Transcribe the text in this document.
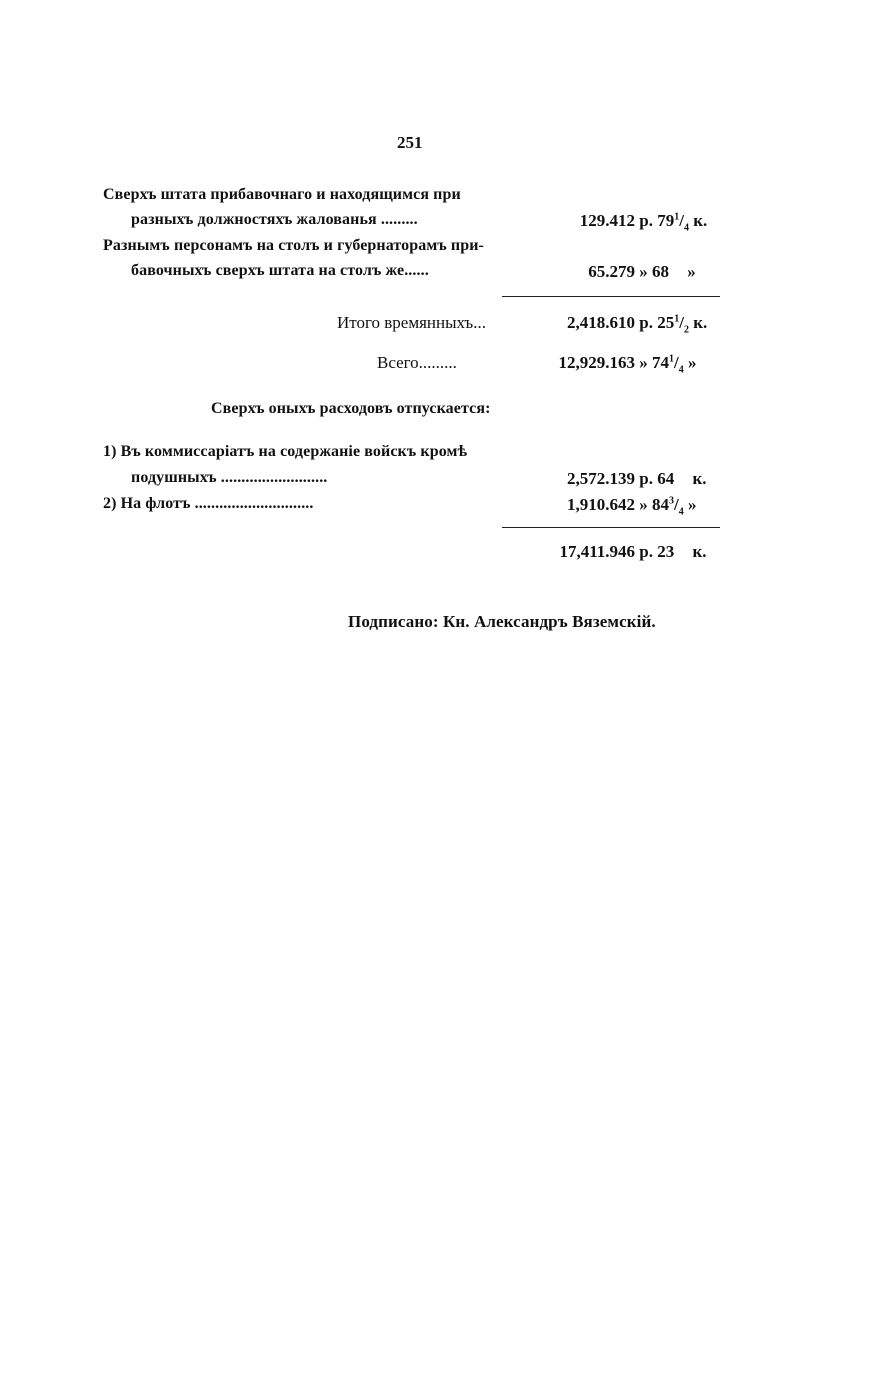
251
Сверхъ штата прибавочнаго и находящимся при
разныхъ должностяхъ жалованья .........	129.412 р. $79^1/_4$ к.
Разнымъ персонамъ на столъ и губернаторамъ при-
бавочныхъ сверхъ штата на столъ же......	65.279 » 68 »
Итого времянныхъ...	2,418.610 р. $25^1/_2$ к.
Всего.........	12,929.163 » $74^1/_4$ »
Сверхъ оныхъ расходовъ отпускается:
1) Въ коммиссаріатъ на содержаніе войскъ кромѣ
подушныхъ ..........................	2,572.139 р. 64 к.
2) На флотъ .............................	1,910.642 » $84^3/_4$ »
17,411.946 р. 23 к.
Подписано: Кн. Александръ Вяземскій.
